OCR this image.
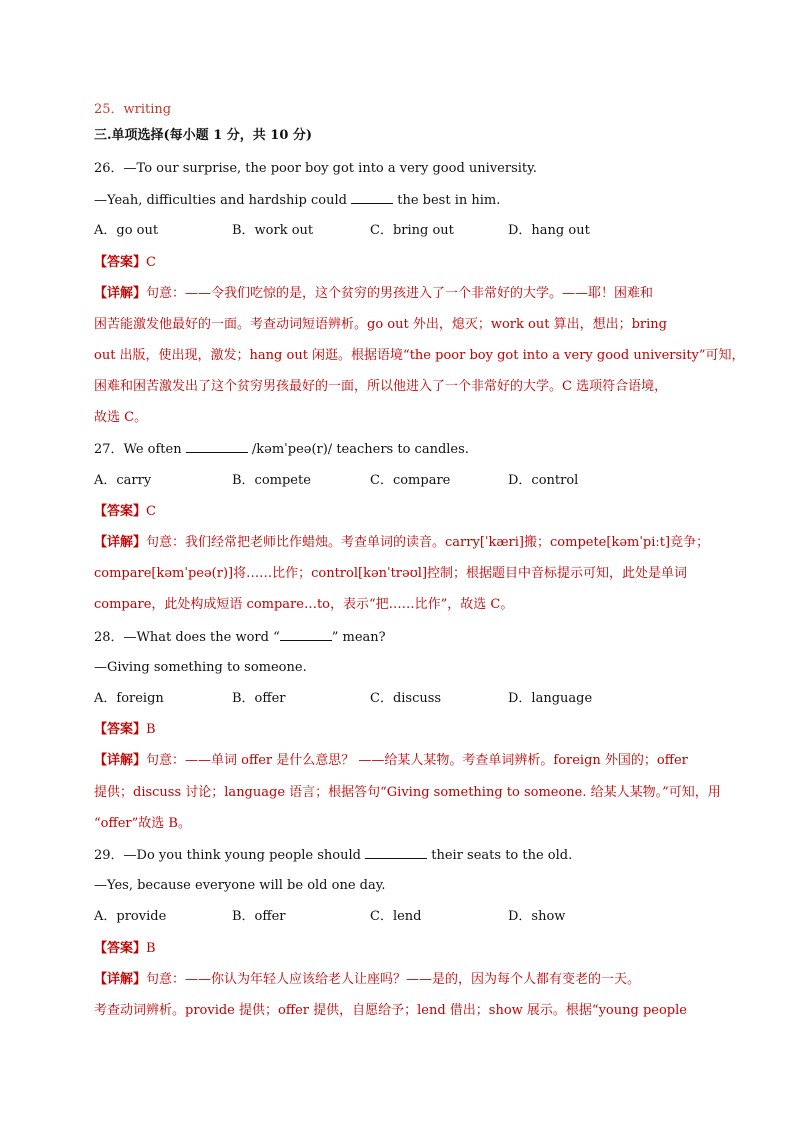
25．writing
三.单项选择(每小题 1 分，共 10 分)
26．—To our surprise, the poor boy got into a very good university.
—Yeah, difficulties and hardship could	the best in him.
A．go out	B．work out	C．bring out	D．hang out
【答案】C
【详解】句意：——令我们吃惊的是，这个贫穷的男孩进入了一个非常好的大学。——耶！困难和
困苦能激发他最好的一面。考查动词短语辨析。go out 外出，熄灭；work out 算出，想出；bring
out 出版，使出现，激发；hang out 闲逛。根据语境“the poor boy got into a very good university”可知，
困难和困苦激发出了这个贫穷男孩最好的一面，所以他进入了一个非常好的大学。C 选项符合语境，
故选 C。
27．We often	/kəmˈpeə(r)/ teachers to candles.
A．carry	B．compete	C．compare	D．control
【答案】C
【详解】句意：我们经常把老师比作蜡烛。考查单词的读音。carry[ˈkæri]搬；compete[kəmˈpiːt]竞争；
compare[kəmˈpeə(r)]将……比作；control[kənˈtrəʊl]控制；根据题目中音标提示可知，此处是单词
compare，此处构成短语 compare…to，表示“把……比作”，故选 C。
28．—What does the word “	” mean?
—Giving something to someone.
A．foreign	B．offer	C．discuss	D．language
【答案】B
【详解】句意：——单词 offer 是什么意思？ ——给某人某物。考查单词辨析。foreign 外国的；offer
提供；discuss 讨论；language 语言；根据答句“Giving something to someone. 给某人某物。”可知，用
“offer”故选 B。
29．—Do you think young people should	their seats to the old.
—Yes, because everyone will be old one day.
A．provide	B．offer	C．lend	D．show
【答案】B
【详解】句意：——你认为年轻人应该给老人让座吗？——是的，因为每个人都有变老的一天。
考查动词辨析。provide 提供；offer 提供，自愿给予；lend 借出；show 展示。根据“young people
